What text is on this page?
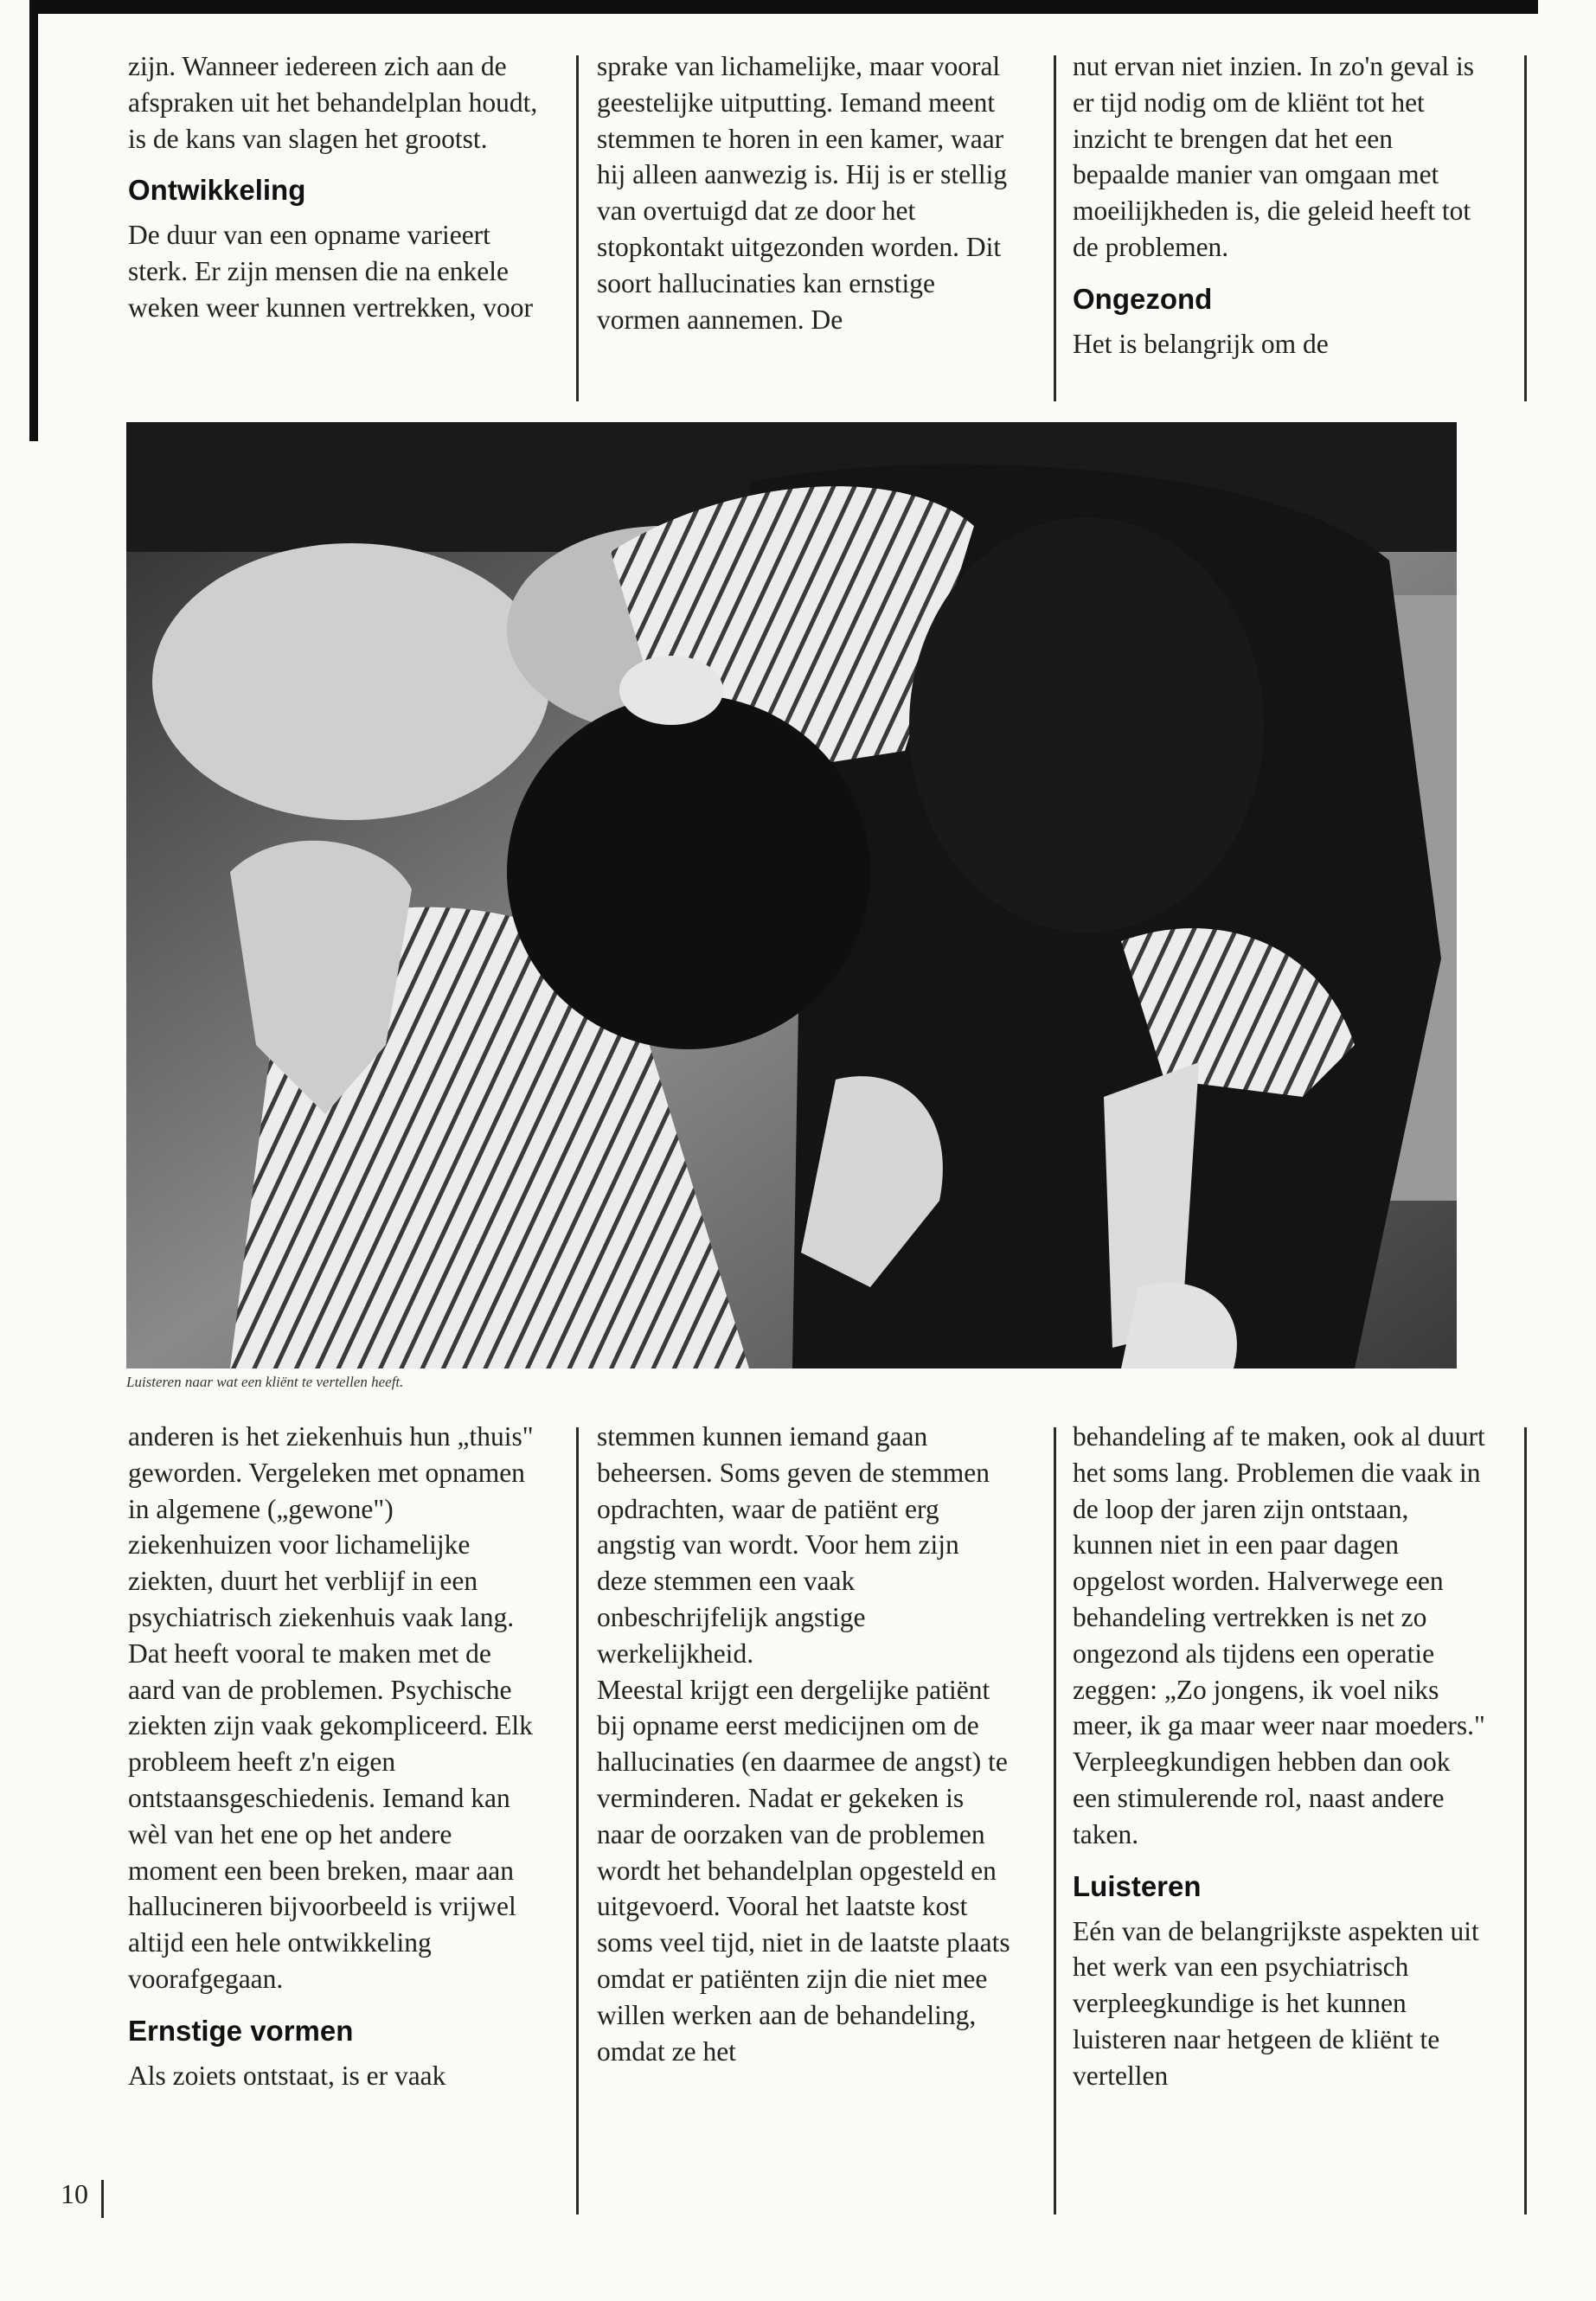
zijn. Wanneer iedereen zich aan de afspraken uit het behandelplan houdt, is de kans van slagen het grootst.

Ontwikkeling

De duur van een opname varieert sterk. Er zijn mensen die na enkele weken weer kunnen vertrekken, voor

sprake van lichamelijke, maar vooral geestelijke uitputting. Iemand meent stemmen te horen in een kamer, waar hij alleen aanwezig is. Hij is er stellig van overtuigd dat ze door het stopkontakt uitgezonden worden. Dit soort hallucinaties kan ernstige vormen aannemen. De

nut ervan niet inzien. In zo'n geval is er tijd nodig om de kliënt tot het inzicht te brengen dat het een bepaalde manier van omgaan met moeilijkheden is, die geleid heeft tot de problemen.

Ongezond

Het is belangrijk om de

Luisteren naar wat een kliënt te vertellen heeft.

anderen is het ziekenhuis hun „thuis" geworden. Vergeleken met opnamen in algemene („gewone") ziekenhuizen voor lichamelijke ziekten, duurt het verblijf in een psychiatrisch ziekenhuis vaak lang. Dat heeft vooral te maken met de aard van de problemen. Psychische ziekten zijn vaak gekompliceerd. Elk probleem heeft z'n eigen ontstaansgeschiedenis. Iemand kan wèl van het ene op het andere moment een been breken, maar aan hallucineren bijvoorbeeld is vrijwel altijd een hele ontwikkeling voorafgegaan.

Ernstige vormen

Als zoiets ontstaat, is er vaak

stemmen kunnen iemand gaan beheersen. Soms geven de stemmen opdrachten, waar de patiënt erg angstig van wordt. Voor hem zijn deze stemmen een vaak onbeschrijfelijk angstige werkelijkheid.

Meestal krijgt een dergelijke patiënt bij opname eerst medicijnen om de hallucinaties (en daarmee de angst) te verminderen. Nadat er gekeken is naar de oorzaken van de problemen wordt het behandelplan opgesteld en uitgevoerd. Vooral het laatste kost soms veel tijd, niet in de laatste plaats omdat er patiënten zijn die niet mee willen werken aan de behandeling, omdat ze het

behandeling af te maken, ook al duurt het soms lang. Problemen die vaak in de loop der jaren zijn ontstaan, kunnen niet in een paar dagen opgelost worden. Halverwege een behandeling vertrekken is net zo ongezond als tijdens een operatie zeggen: „Zo jongens, ik voel niks meer, ik ga maar weer naar moeders."

Verpleegkundigen hebben dan ook een stimulerende rol, naast andere taken.

Luisteren

Eén van de belangrijkste aspekten uit het werk van een psychiatrisch verpleegkundige is het kunnen luisteren naar hetgeen de kliënt te vertellen

10
